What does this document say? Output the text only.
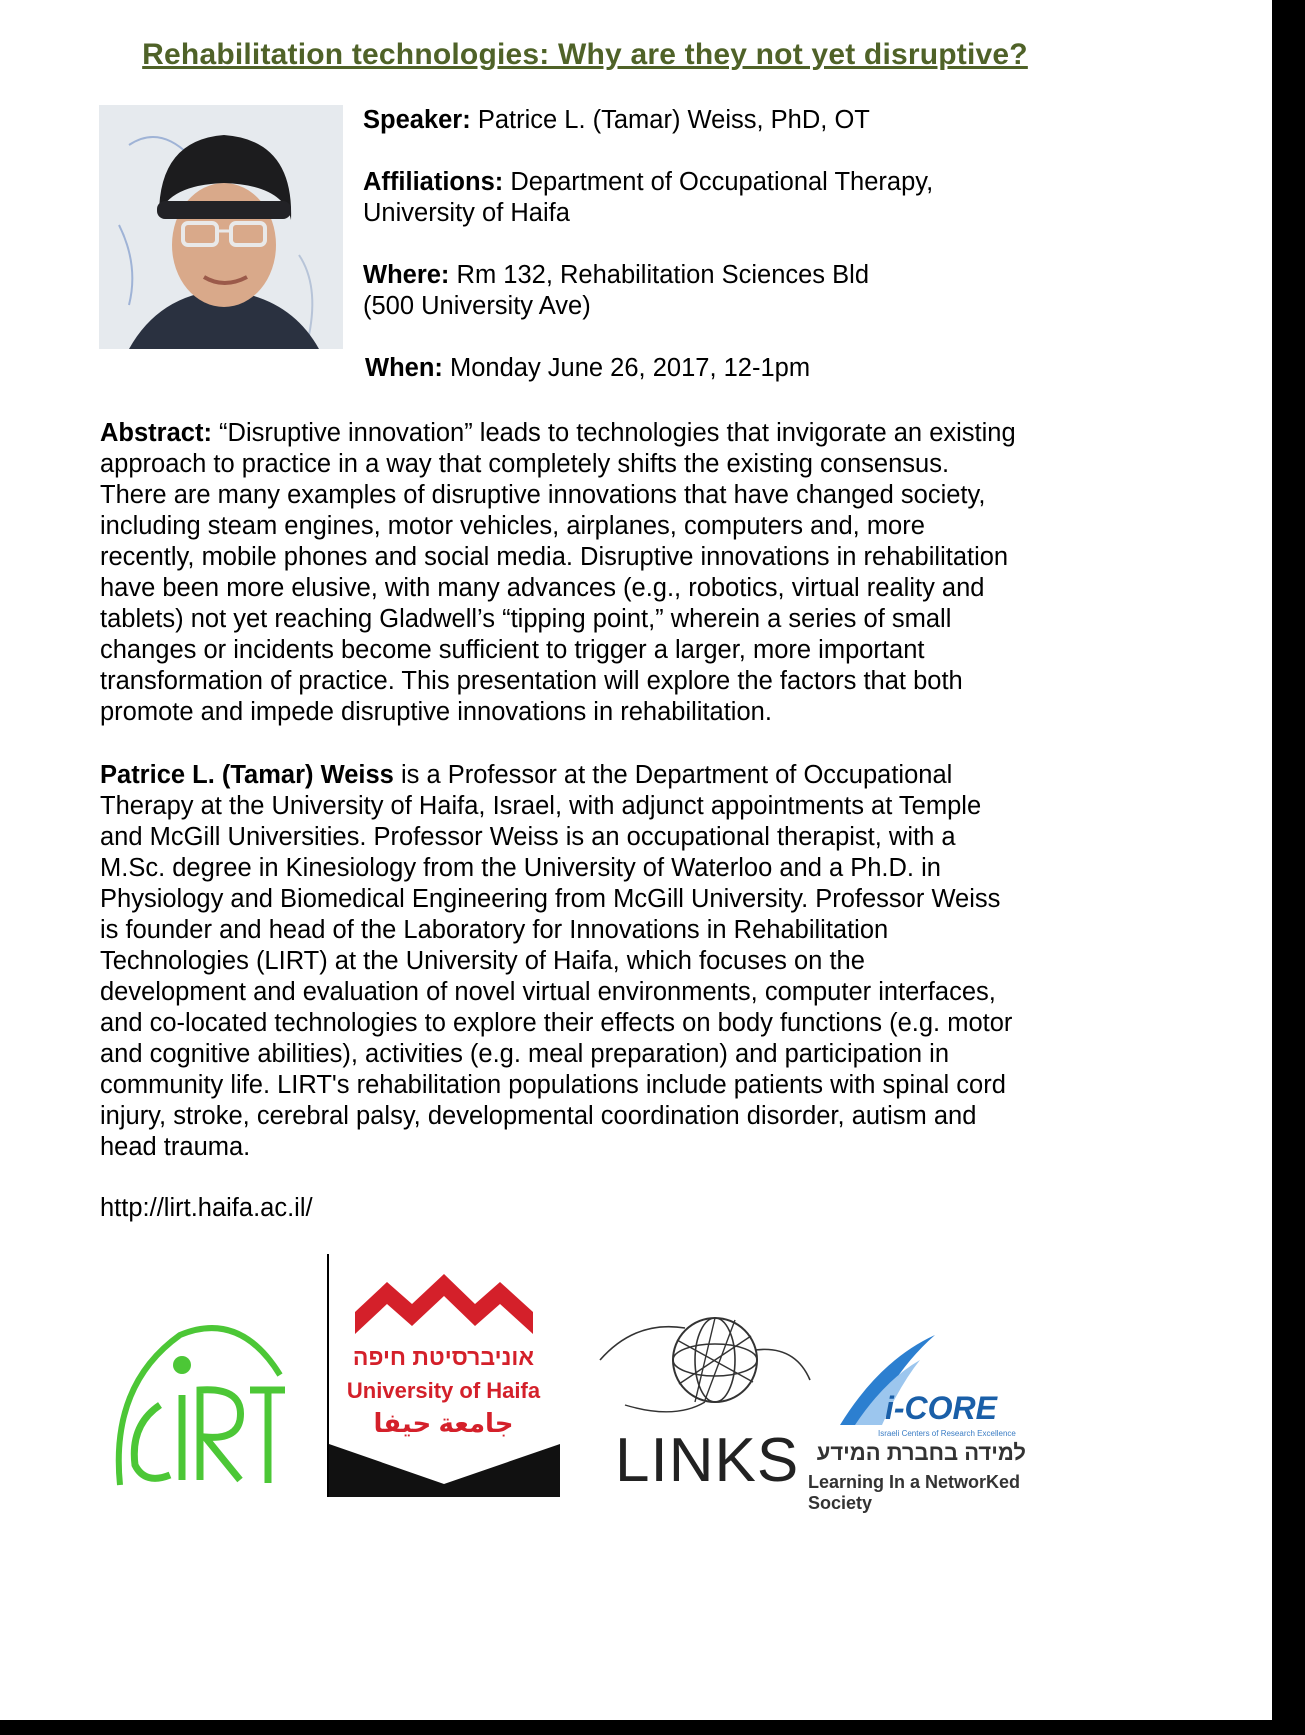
Rehabilitation technologies: Why are they not yet disruptive?

Speaker: Patrice L. (Tamar) Weiss, PhD, OT

Affiliations: Department of Occupational Therapy,
University of Haifa

Where: Rm 132, Rehabilitation Sciences Bld
(500 University Ave)

When: Monday June 26, 2017, 12-1pm

Abstract: “Disruptive innovation” leads to technologies that invigorate an existing
approach to practice in a way that completely shifts the existing consensus.
There are many examples of disruptive innovations that have changed society,
including steam engines, motor vehicles, airplanes, computers and, more
recently, mobile phones and social media. Disruptive innovations in rehabilitation
have been more elusive, with many advances (e.g., robotics, virtual reality and
tablets) not yet reaching Gladwell’s “tipping point,” wherein a series of small
changes or incidents become sufficient to trigger a larger, more important
transformation of practice. This presentation will explore the factors that both
promote and impede disruptive innovations in rehabilitation.

Patrice L. (Tamar) Weiss is a Professor at the Department of Occupational
Therapy at the University of Haifa, Israel, with adjunct appointments at Temple
and McGill Universities. Professor Weiss is an occupational therapist, with a
M.Sc. degree in Kinesiology from the University of Waterloo and a Ph.D. in
Physiology and Biomedical Engineering from McGill University. Professor Weiss
is founder and head of the Laboratory for Innovations in Rehabilitation
Technologies (LIRT) at the University of Haifa, which focuses on the
development and evaluation of novel virtual environments, computer interfaces,
and co-located technologies to explore their effects on body functions (e.g. motor
and cognitive abilities), activities (e.g. meal preparation) and participation in
community life. LIRT's rehabilitation populations include patients with spinal cord
injury, stroke, cerebral palsy, developmental coordination disorder, autism and
head trauma.

http://lirt.haifa.ac.il/

אוניברסיטת חיפה
University of Haifa
جامعة حيفا
LINKS
i-CORE
Israeli Centers of Research Excellence
למידה בחברת המידע
Learning In a NetworKed Society
